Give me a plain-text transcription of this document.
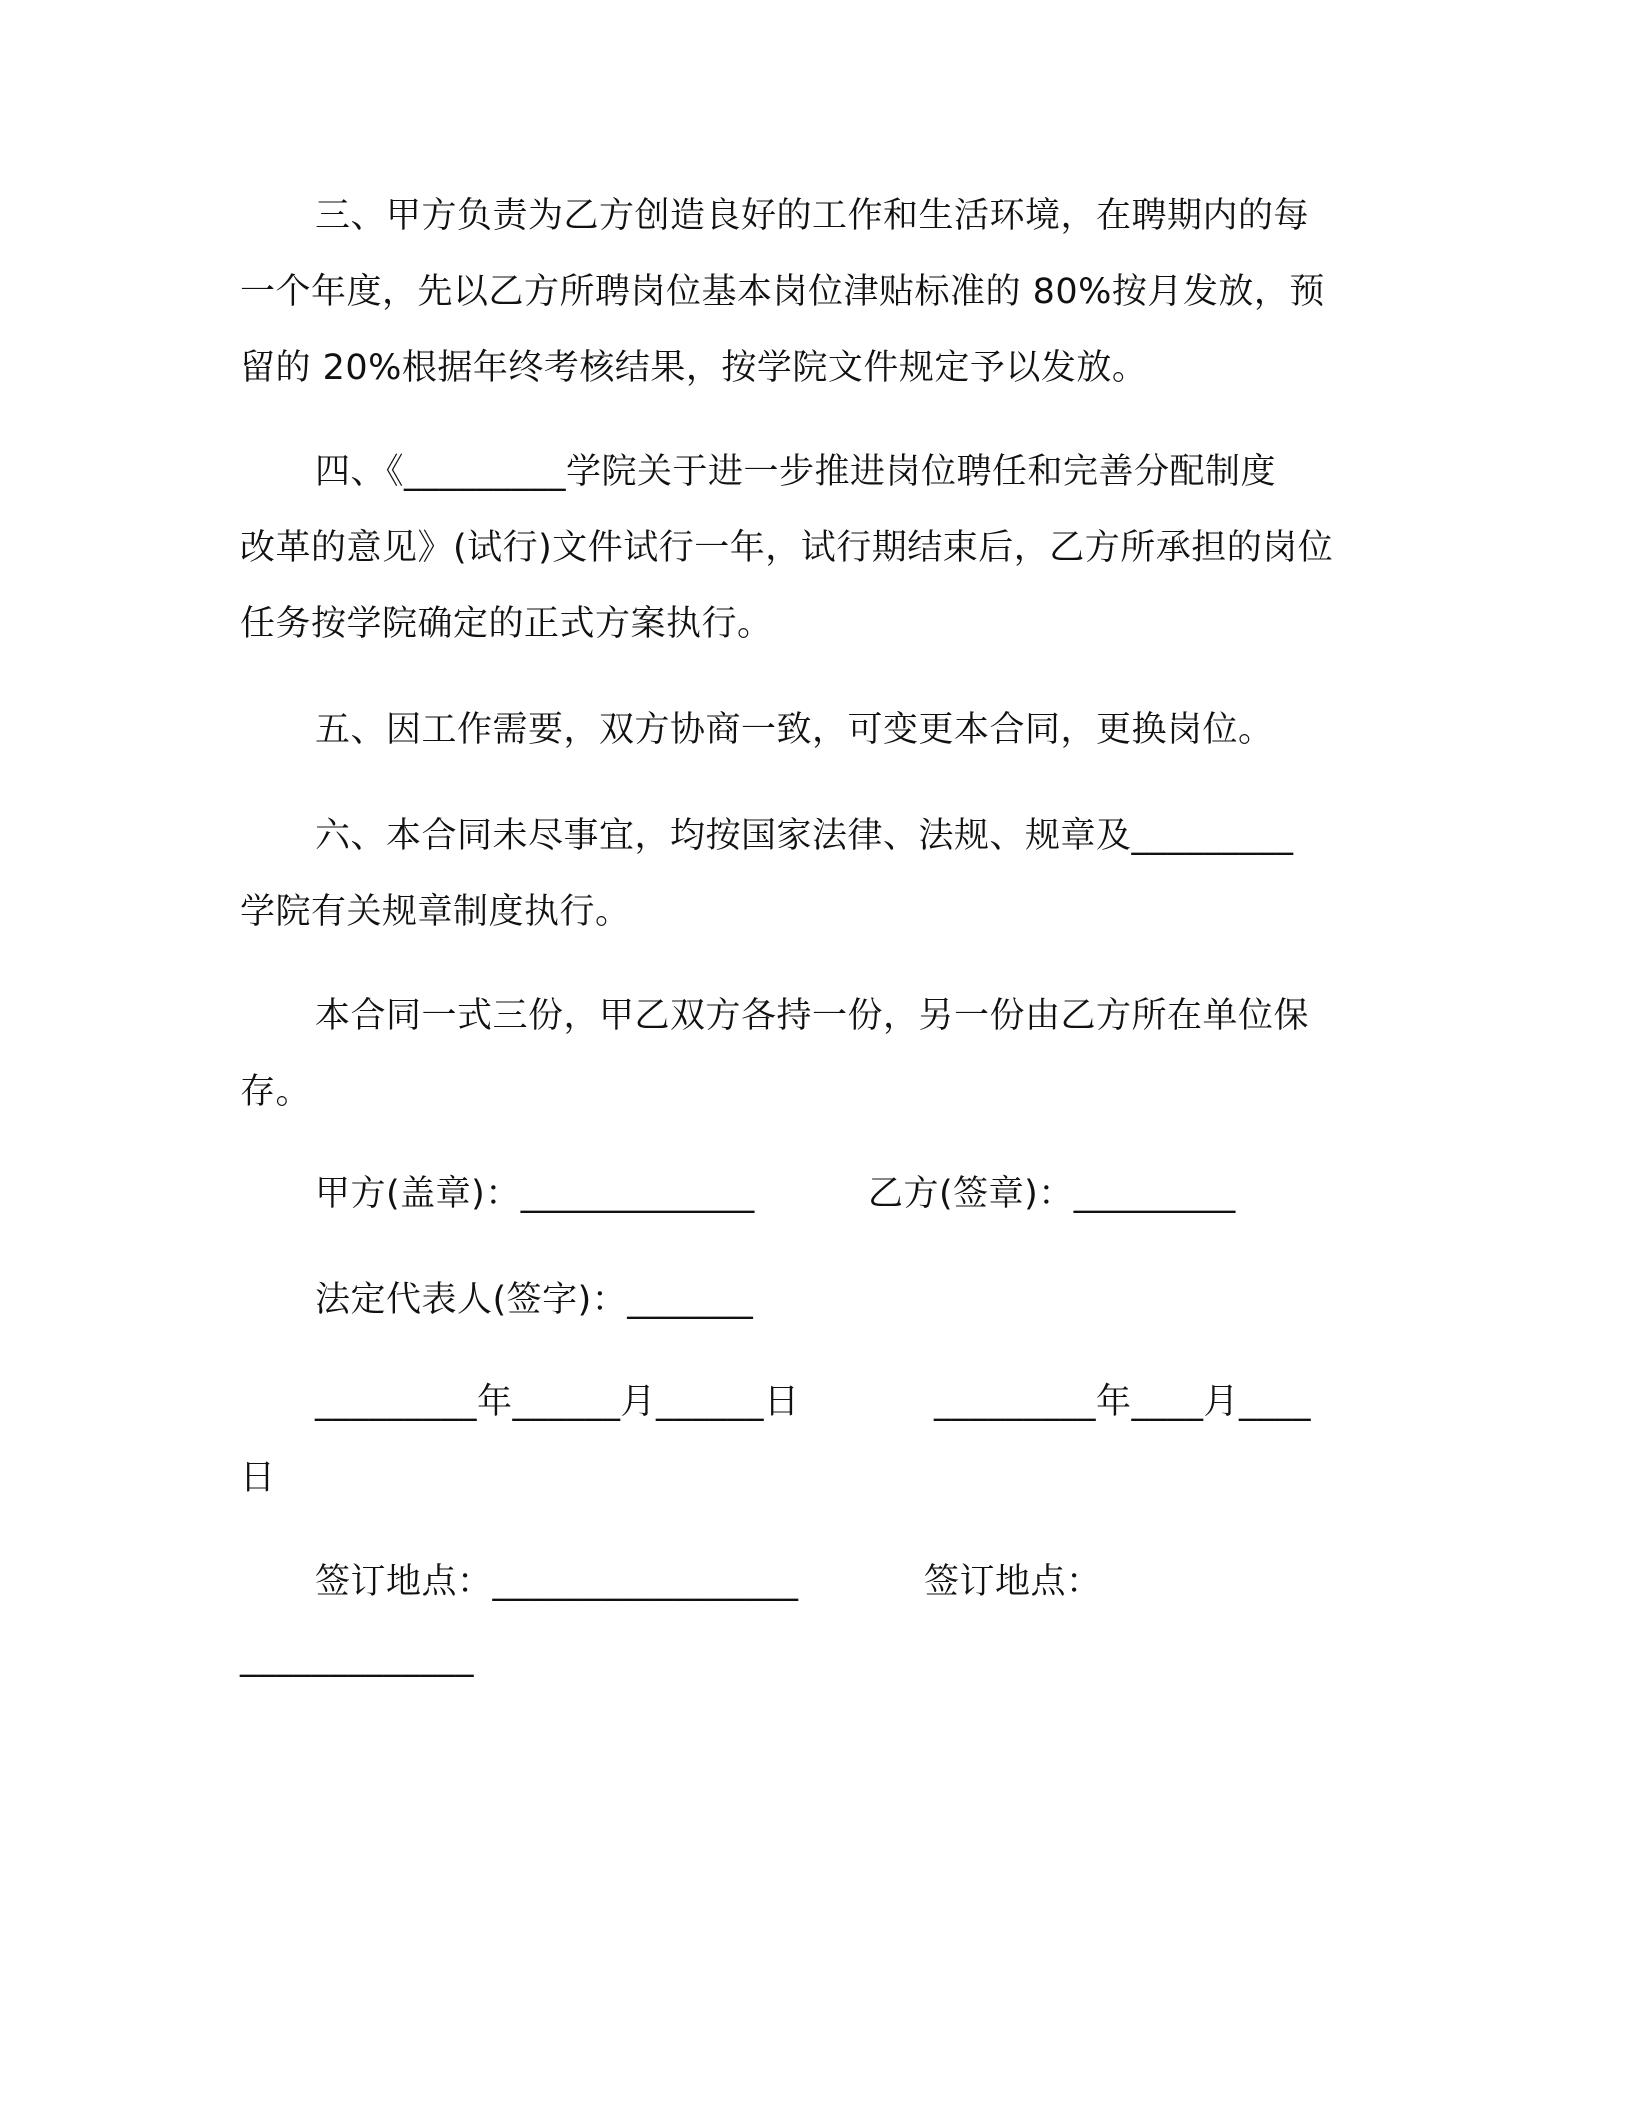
三、甲方负责为乙方创造良好的工作和生活环境，在聘期内的每
一个年度，先以乙方所聘岗位基本岗位津贴标准的 80%按月发放，预
留的 20%根据年终考核结果，按学院文件规定予以发放。
四、《_________学院关于进一步推进岗位聘任和完善分配制度
改革的意见》(试行)文件试行一年，试行期结束后，乙方所承担的岗位
任务按学院确定的正式方案执行。
五、因工作需要，双方协商一致，可变更本合同，更换岗位。
六、本合同未尽事宜，均按国家法律、法规、规章及_________
学院有关规章制度执行。
本合同一式三份，甲乙双方各持一份，另一份由乙方所在单位保
存。
甲方(盖章)：_____________	乙方(签章)：_________
法定代表人(签字)：_______
_________年______月______日	_________年____月____
日
签订地点：_________________	签订地点：
_____________
